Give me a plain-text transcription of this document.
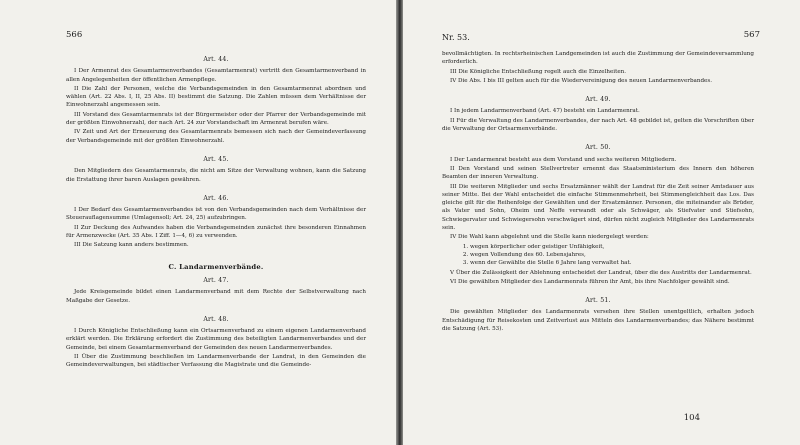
566	Nr. 53.	567
Art. 44.

I Der Armenrat des Gesamtarmenverbandes (Gesamtarmenrat) vertritt den Gesamtarmenverband in allen Angelegenheiten der öffentlichen Armenpflege.

II Die Zahl der Personen, welche die Verbandsgemeinden in den Gesamtarmenrat abordnen und wählen (Art. 22 Abs. I, II, 25 Abs. II) bestimmt die Satzung. Die Zahlen müssen dem Verhältnisse der Einwohnerzahl angemessen sein.

III Vorstand des Gesamtarmenrats ist der Bürgermeister oder der Pfarrer der Verbandsgemeinde mit der größten Einwohnerzahl, der nach Art. 24 zur Vorstandschaft im Armenrat berufen wäre.

IV Zeit und Art der Erneuerung des Gesamtarmenrats bemessen sich nach der Gemeindeverfassung der Verbandsgemeinde mit der größten Einwohnerzahl.

Art. 45.

Den Mitgliedern des Gesamtarmenrats, die nicht am Sitze der Verwaltung wohnen, kann die Satzung die Erstattung ihrer baren Auslagen gewähren.

Art. 46.

I Der Bedarf des Gesamtarmenverbandes ist von den Verbandsgemeinden nach dem Verhältnisse der Steuerauflagensumme (Umlagensoll; Art. 24, 25) aufzubringen.

II Zur Deckung des Aufwandes haben die Verbandsgemeinden zunächst ihre besonderen Einnahmen für Armenzwecke (Art. 35 Abs. I Ziff. 1—4, 6) zu verwenden.

III Die Satzung kann anders bestimmen.

C. Landarmenverbände.
Art. 47.

Jede Kreisgemeinde bildet einen Landarmenverband mit dem Rechte der Selbstverwaltung nach Maßgabe der Gesetze.

Art. 48.

I Durch Königliche Entschließung kann ein Ortsarmenverband zu einem eigenen Landarmenverband erklärt werden. Die Erklärung erfordert die Zustimmung des beteiligten Landarmenverbandes und der Gemeinde, bei einem Gesamtarmenverband der Gemeinden des neuen Landarmenverbandes.

II Über die Zustimmung beschließen im Landarmenverbande der Landrat, in den Gemeinden die Gemeindeverwaltungen, bei städtischer Verfassung die Magistrate und die Gemeinde-

bevollmächtigten. In rechtsrheinischen Landgemeinden ist auch die Zustimmung der Gemeindeversammlung erforderlich.

III Die Königliche Entschließung regelt auch die Einzelheiten.

IV Die Abs. I bis III gelten auch für die Wiedervereinigung des neuen Landarmenverbandes.

Art. 49.

I In jedem Landarmenverband (Art. 47) besteht ein Landarmenrat.

II Für die Verwaltung des Landarmenverbandes, der nach Art. 48 gebildet ist, gelten die Vorschriften über die Verwaltung der Ortsarmenverbände.

Art. 50.

I Der Landarmenrat besteht aus dem Vorstand und sechs weiteren Mitgliedern.

II Den Vorstand und seinen Stellvertreter ernennt das Staatsministerium des Innern den höheren Beamten der inneren Verwaltung.

III Die weiteren Mitglieder und sechs Ersatzmänner wählt der Landrat für die Zeit seiner Amtsdauer aus seiner Mitte. Bei der Wahl entscheidet die einfache Stimmenmehrheit, bei Stimmengleichheit das Los. Das gleiche gilt für die Reihenfolge der Gewählten und der Ersatzmänner. Personen, die miteinander als Brüder, als Vater und Sohn, Oheim und Neffe verwandt oder als Schwäger, als Stiefvater und Stiefsohn, Schwiegervater und Schwiegersohn verschwägert sind, dürfen nicht zugleich Mitglieder des Landarmenrats sein.

IV Die Wahl kann abgelehnt und die Stelle kann niedergelegt werden:

1. wegen körperlicher oder geistiger Unfähigkeit,
2. wegen Vollendung des 60. Lebensjahres,
3. wenn der Gewählte die Stelle 6 Jahre lang verwaltet hat.

V Über die Zulässigkeit der Ablehnung entscheidet der Landrat, über die des Austritts der Landarmenrat.

VI Die gewählten Mitglieder des Landarmenrats führen ihr Amt, bis ihre Nachfolger gewählt sind.

Art. 51.

Die gewählten Mitglieder des Landarmenrats versehen ihre Stellen unentgeltlich, erhalten jedoch Entschädigung für Reisekosten und Zeitverlust aus Mitteln des Landarmenverbandes; das Nähere bestimmt die Satzung (Art. 53).

104
